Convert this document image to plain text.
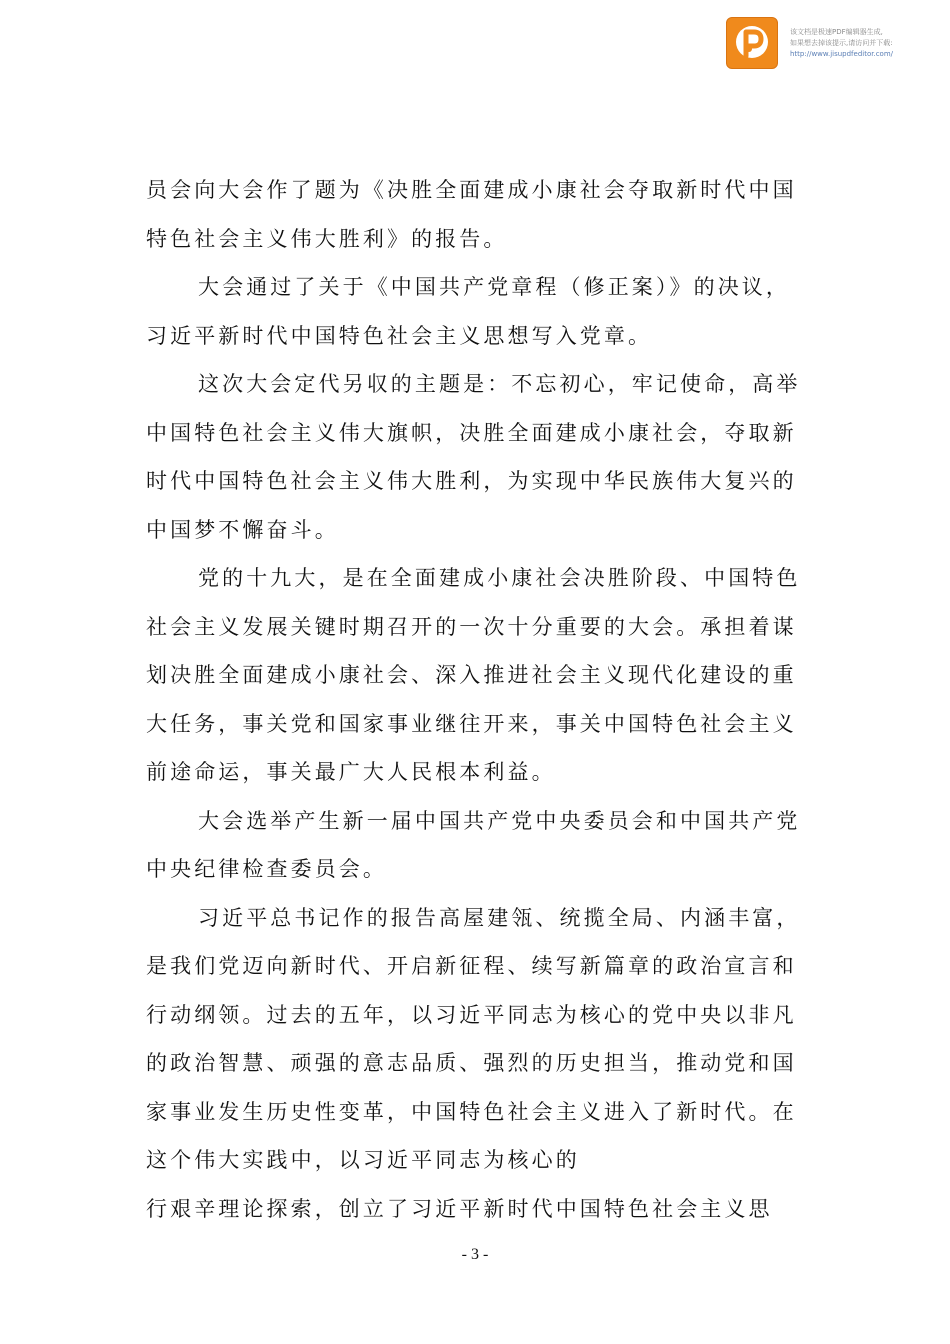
该文档是极速PDF编辑器生成,
如果想去掉该提示,请访问并下载:
http://www.jisupdfeditor.com/

员会向大会作了题为《决胜全面建成小康社会夺取新时代中国特色社会主义伟大胜利》的报告。

大会通过了关于《中国共产党章程（修正案）》的决议，习近平新时代中国特色社会主义思想写入党章。

这次大会定代另収的主题是：不忘初心，牢记使命，高举中国特色社会主义伟大旗帜，决胜全面建成小康社会，夺取新时代中国特色社会主义伟大胜利，为实现中华民族伟大复兴的中国梦不懈奋斗。

党的十九大，是在全面建成小康社会决胜阶段、中国特色社会主义发展关键时期召开的一次十分重要的大会。承担着谋划决胜全面建成小康社会、深入推进社会主义现代化建设的重大任务，事关党和国家事业继往开来，事关中国特色社会主义前途命运，事关最广大人民根本利益。

大会选举产生新一届中国共产党中央委员会和中国共产党中央纪律检查委员会。

习近平总书记作的报告高屋建瓴、统揽全局、内涵丰富，是我们党迈向新时代、开启新征程、续写新篇章的政治宣言和行动纲领。过去的五年，以习近平同志为核心的党中央以非凡的政治智慧、顽强的意志品质、强烈的历史担当，推动党和国家事业发生历史性变革，中国特色社会主义进入了新时代。在这个伟大实践中，以习近平同志为核心的

行艰辛理论探索，创立了习近平新时代中国特色社会主义思

- 3 -
